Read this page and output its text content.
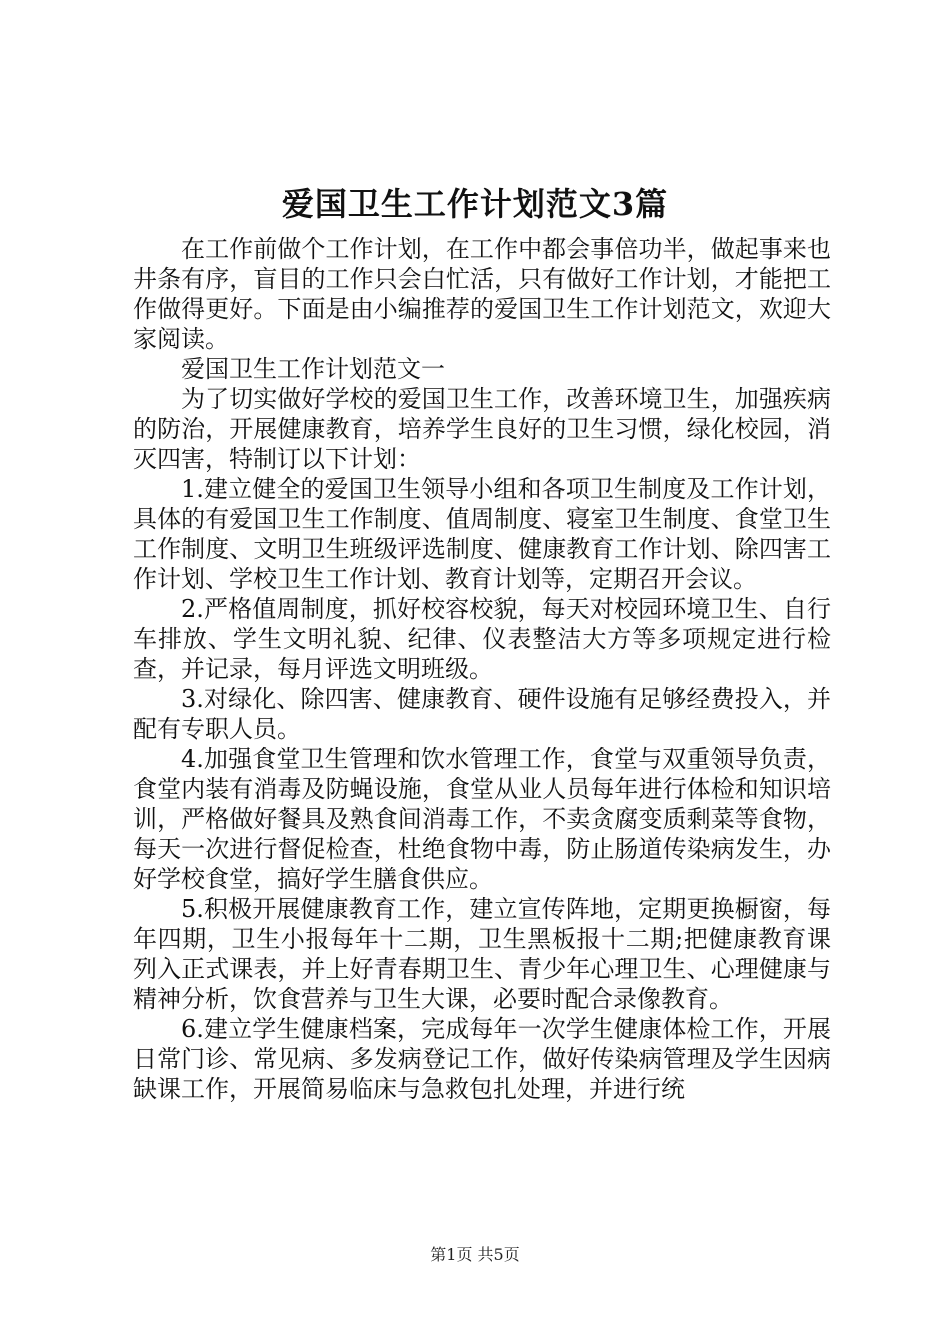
爱国卫生工作计划范文3篇

在工作前做个工作计划，在工作中都会事倍功半，做起事来也井条有序，盲目的工作只会白忙活，只有做好工作计划，才能把工作做得更好。下面是由小编推荐的爱国卫生工作计划范文，欢迎大家阅读。

爱国卫生工作计划范文一

为了切实做好学校的爱国卫生工作，改善环境卫生，加强疾病的防治，开展健康教育，培养学生良好的卫生习惯，绿化校园，消灭四害，特制订以下计划：

1.建立健全的爱国卫生领导小组和各项卫生制度及工作计划，具体的有爱国卫生工作制度、值周制度、寝室卫生制度、食堂卫生工作制度、文明卫生班级评选制度、健康教育工作计划、除四害工作计划、学校卫生工作计划、教育计划等，定期召开会议。

2.严格值周制度，抓好校容校貌，每天对校园环境卫生、自行车排放、学生文明礼貌、纪律、仪表整洁大方等多项规定进行检查，并记录，每月评选文明班级。

3.对绿化、除四害、健康教育、硬件设施有足够经费投入，并配有专职人员。

4.加强食堂卫生管理和饮水管理工作，食堂与双重领导负责，食堂内装有消毒及防蝇设施，食堂从业人员每年进行体检和知识培训，严格做好餐具及熟食间消毒工作，不卖贪腐变质剩菜等食物，每天一次进行督促检查，杜绝食物中毒，防止肠道传染病发生，办好学校食堂，搞好学生膳食供应。

5.积极开展健康教育工作，建立宣传阵地，定期更换橱窗，每年四期，卫生小报每年十二期，卫生黑板报十二期;把健康教育课列入正式课表，并上好青春期卫生、青少年心理卫生、心理健康与精神分析，饮食营养与卫生大课，必要时配合录像教育。

6.建立学生健康档案，完成每年一次学生健康体检工作，开展日常门诊、常见病、多发病登记工作，做好传染病管理及学生因病缺课工作，开展简易临床与急救包扎处理，并进行统

第1页 共5页
